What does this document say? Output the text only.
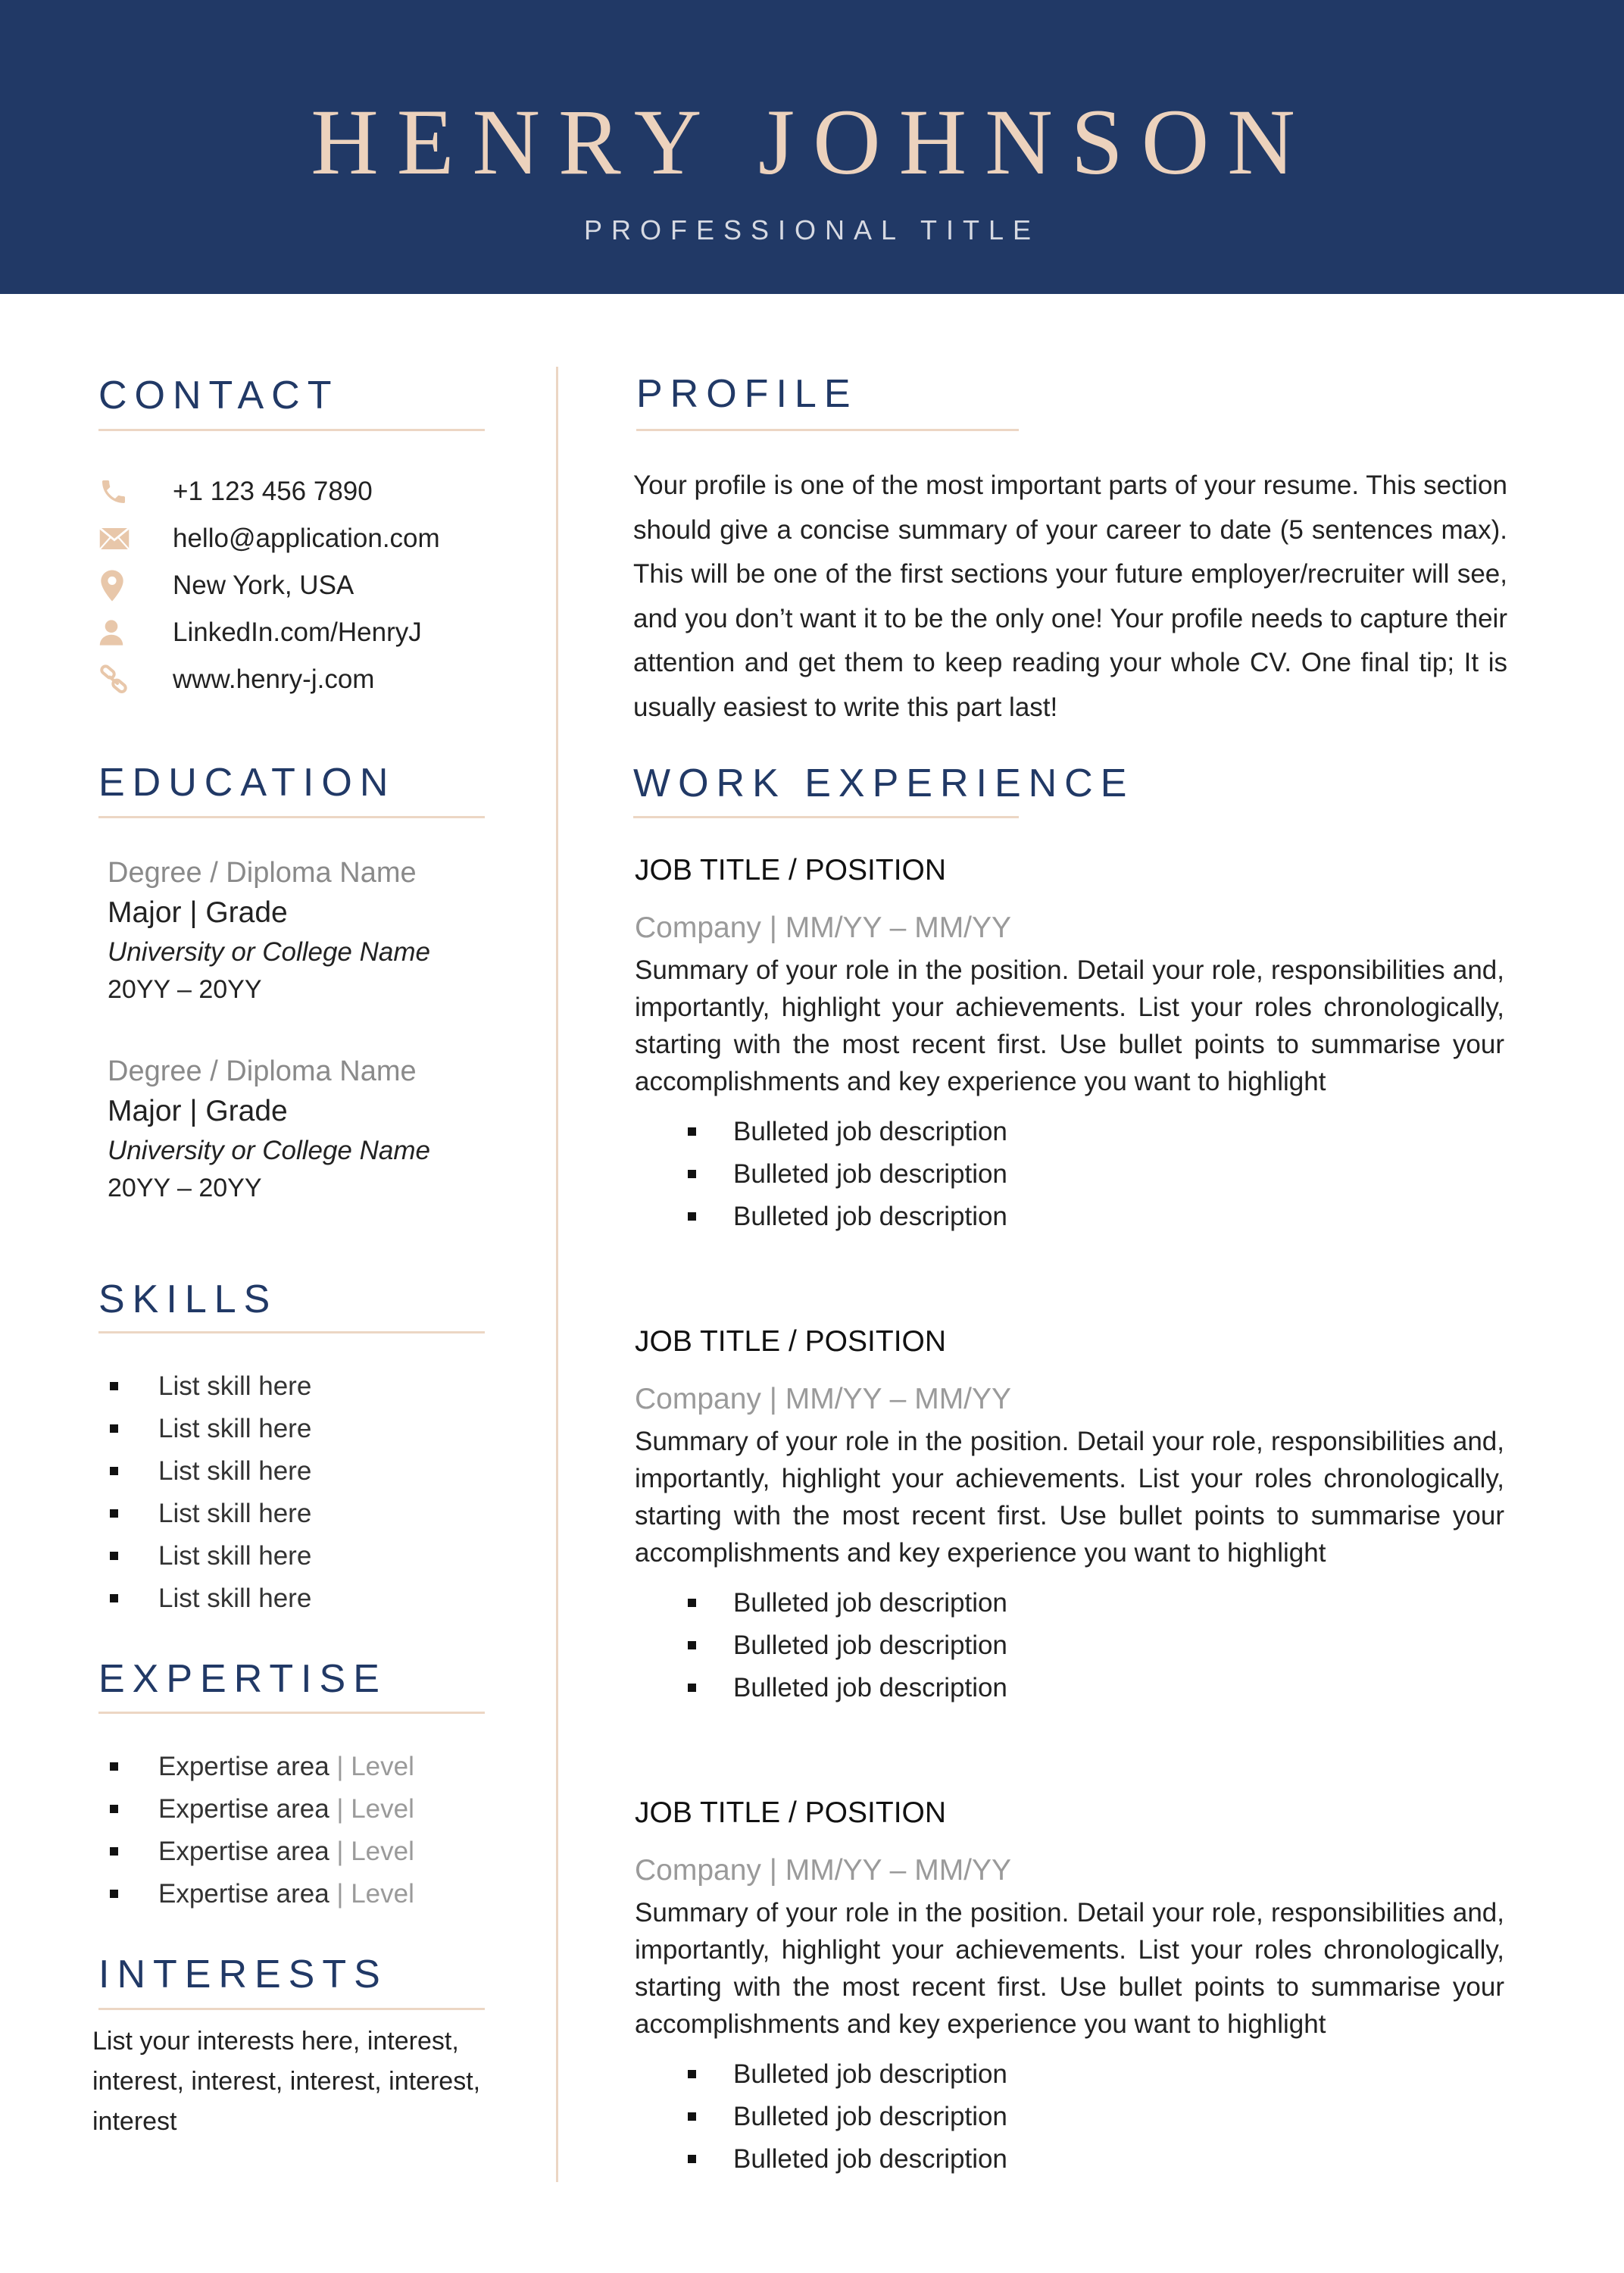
HENRY JOHNSON
PROFESSIONAL TITLE
CONTACT
+1 123 456 7890
hello@application.com
New York, USA
LinkedIn.com/HenryJ
www.henry-j.com
EDUCATION
Degree / Diploma Name
Major | Grade
University or College Name
20YY – 20YY
Degree / Diploma Name
Major | Grade
University or College Name
20YY – 20YY
SKILLS
List skill here
List skill here
List skill here
List skill here
List skill here
List skill here
EXPERTISE
Expertise area | Level
Expertise area | Level
Expertise area | Level
Expertise area | Level
INTERESTS
List your interests here, interest, interest, interest, interest, interest, interest
PROFILE
Your profile is one of the most important parts of your resume. This section should give a concise summary of your career to date (5 sentences max). This will be one of the first sections your future employer/recruiter will see, and you don’t want it to be the only one! Your profile needs to capture their attention and get them to keep reading your whole CV. One final tip; It is usually easiest to write this part last!
WORK EXPERIENCE
JOB TITLE / POSITION
Company | MM/YY – MM/YY
Summary of your role in the position. Detail your role, responsibilities and, importantly, highlight your achievements. List your roles chronologically, starting with the most recent first. Use bullet points to summarise your accomplishments and key experience you want to highlight
Bulleted job description
Bulleted job description
Bulleted job description
JOB TITLE / POSITION
Company | MM/YY – MM/YY
Summary of your role in the position. Detail your role, responsibilities and, importantly, highlight your achievements. List your roles chronologically, starting with the most recent first. Use bullet points to summarise your accomplishments and key experience you want to highlight
Bulleted job description
Bulleted job description
Bulleted job description
JOB TITLE / POSITION
Company | MM/YY – MM/YY
Summary of your role in the position. Detail your role, responsibilities and, importantly, highlight your achievements. List your roles chronologically, starting with the most recent first. Use bullet points to summarise your accomplishments and key experience you want to highlight
Bulleted job description
Bulleted job description
Bulleted job description
